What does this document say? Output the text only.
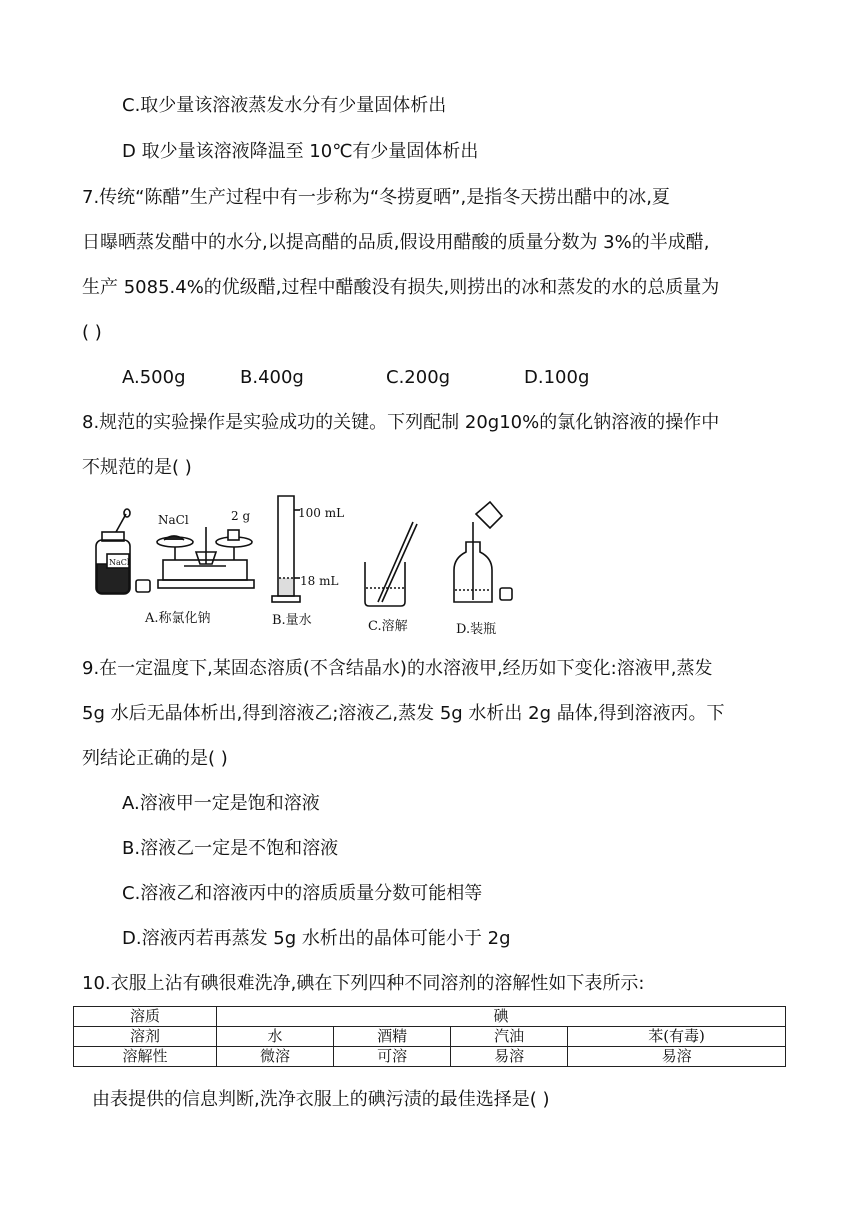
C.取少量该溶液蒸发水分有少量固体析出
D 取少量该溶液降温至 10℃有少量固体析出
7.传统“陈醋”生产过程中有一步称为“冬捞夏晒”,是指冬天捞出醋中的冰,夏
日曝晒蒸发醋中的水分,以提高醋的品质,假设用醋酸的质量分数为 3%的半成醋,
生产 5085.4%的优级醋,过程中醋酸没有损失,则捞出的冰和蒸发的水的总质量为
( )
A.500g	B.400g	C.200g	D.100g
8.规范的实验操作是实验成功的关键。下列配制 20g10%的氯化钠溶液的操作中
不规范的是( )
NaCl
NaCl	2 g
A.称氯化钠
100 mL
18 mL
B.量水	C.溶解	D.装瓶
9.在一定温度下,某固态溶质(不含结晶水)的水溶液甲,经历如下变化:溶液甲,蒸发
5g 水后无晶体析出,得到溶液乙;溶液乙,蒸发 5g 水析出 2g 晶体,得到溶液丙。下
列结论正确的是( )
A.溶液甲一定是饱和溶液
B.溶液乙一定是不饱和溶液
C.溶液乙和溶液丙中的溶质质量分数可能相等
D.溶液丙若再蒸发 5g 水析出的晶体可能小于 2g
10.衣服上沾有碘很难洗净,碘在下列四种不同溶剂的溶解性如下表所示:
溶质	碘			
溶剂	水	酒精	汽油	苯(有毒)
溶解性	微溶	可溶	易溶	易溶
由表提供的信息判断,洗净衣服上的碘污渍的最佳选择是( )
